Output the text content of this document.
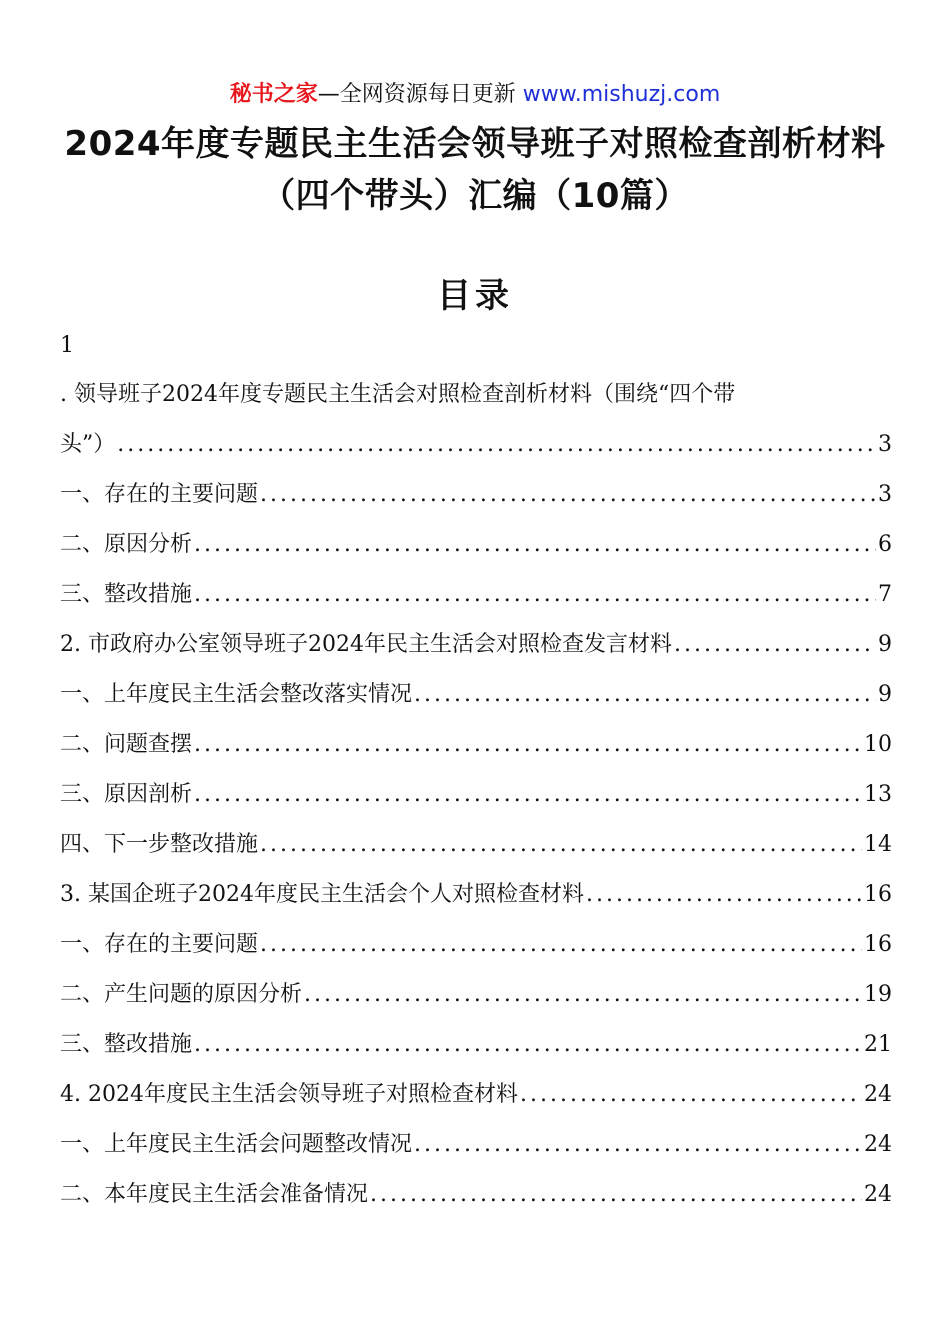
秘书之家—全网资源每日更新 www.mishuzj.com
2024年度专题民主生活会领导班子对照检查剖析材料
（四个带头）汇编（10篇）
目录
1
. 领导班子2024年度专题民主生活会对照检查剖析材料（围绕“四个带
头”） .....	3
一、存在的主要问题 .....	3
二、原因分析 .....	6
三、整改措施 .....	7
2. 市政府办公室领导班子2024年民主生活会对照检查发言材料 .....	9
一、上年度民主生活会整改落实情况 .....	9
二、问题查摆 .....	10
三、原因剖析 .....	13
四、下一步整改措施 .....	14
3. 某国企班子2024年度民主生活会个人对照检查材料 .....	16
一、存在的主要问题 .....	16
二、产生问题的原因分析 .....	19
三、整改措施 .....	21
4. 2024年度民主生活会领导班子对照检查材料 .....	24
一、上年度民主生活会问题整改情况 .....	24
二、本年度民主生活会准备情况 .....	24
